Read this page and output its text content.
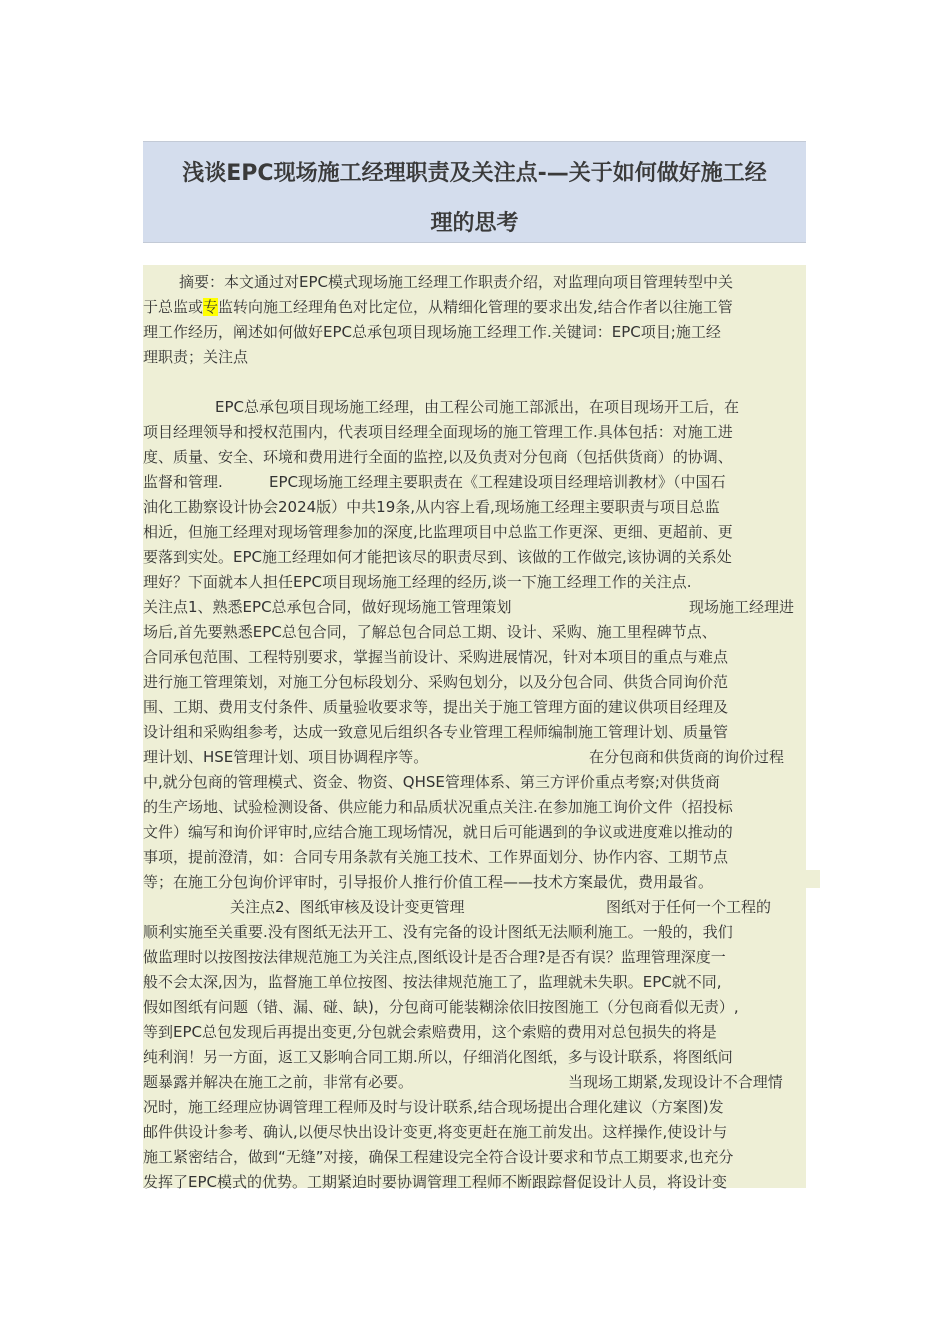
浅谈EPC现场施工经理职责及关注点-—关于如何做好施工经
理的思考
摘要：本文通过对EPC模式现场施工经理工作职责介绍，对监理向项目管理转型中关
于总监或专监转向施工经理角色对比定位，从精细化管理的要求出发,结合作者以往施工管
理工作经历，阐述如何做好EPC总承包项目现场施工经理工作.关键词：EPC项目;施工经
理职责；关注点
EPC总承包项目现场施工经理，由工程公司施工部派出，在项目现场开工后，在
项目经理领导和授权范围内，代表项目经理全面现场的施工管理工作.具体包括：对施工进
度、质量、安全、环境和费用进行全面的监控,以及负责对分包商（包括供货商）的协调、
监督和管理.	EPC现场施工经理主要职责在《工程建设项目经理培训教材》（中国石
油化工勘察设计协会2024版）中共19条,从内容上看,现场施工经理主要职责与项目总监
相近，但施工经理对现场管理参加的深度,比监理项目中总监工作更深、更细、更超前、更
要落到实处。EPC施工经理如何才能把该尽的职责尽到、该做的工作做完,该协调的关系处
理好？下面就本人担任EPC项目现场施工经理的经历,谈一下施工经理工作的关注点.
关注点1、熟悉EPC总承包合同，做好现场施工管理策划	现场施工经理进
场后,首先要熟悉EPC总包合同，了解总包合同总工期、设计、采购、施工里程碑节点、
合同承包范围、工程特别要求，掌握当前设计、采购进展情况，针对本项目的重点与难点
进行施工管理策划，对施工分包标段划分、采购包划分，以及分包合同、供货合同询价范
围、工期、费用支付条件、质量验收要求等，提出关于施工管理方面的建议供项目经理及
设计组和采购组参考，达成一致意见后组织各专业管理工程师编制施工管理计划、质量管
理计划、HSE管理计划、项目协调程序等。	在分包商和供货商的询价过程
中,就分包商的管理模式、资金、物资、QHSE管理体系、第三方评价重点考察;对供货商
的生产场地、试验检测设备、供应能力和品质状况重点关注.在参加施工询价文件（招投标
文件）编写和询价评审时,应结合施工现场情况，就日后可能遇到的争议或进度难以推动的
事项，提前澄清，如：合同专用条款有关施工技术、工作界面划分、协作内容、工期节点
等；在施工分包询价评审时，引导报价人推行价值工程——技术方案最优，费用最省。
关注点2、图纸审核及设计变更管理	图纸对于任何一个工程的
顺利实施至关重要.没有图纸无法开工、没有完备的设计图纸无法顺利施工。一般的，我们
做监理时以按图按法律规范施工为关注点,图纸设计是否合理?是否有误？监理管理深度一
般不会太深,因为，监督施工单位按图、按法律规范施工了，监理就未失职。EPC就不同,
假如图纸有问题（错、漏、碰、缺)，分包商可能装糊涂依旧按图施工（分包商看似无责）,
等到EPC总包发现后再提出变更,分包就会索赔费用，这个索赔的费用对总包损失的将是
纯利润！另一方面，返工又影响合同工期.所以，仔细消化图纸，多与设计联系，将图纸问
题暴露并解决在施工之前，非常有必要。	当现场工期紧,发现设计不合理情
况时，施工经理应协调管理工程师及时与设计联系,结合现场提出合理化建议（方案图)发
邮件供设计参考、确认,以便尽快出设计变更,将变更赶在施工前发出。这样操作,使设计与
施工紧密结合，做到“无缝”对接，确保工程建设完全符合设计要求和节点工期要求,也充分
发挥了EPC模式的优势。工期紧迫时要协调管理工程师不断跟踪督促设计人员，将设计变
